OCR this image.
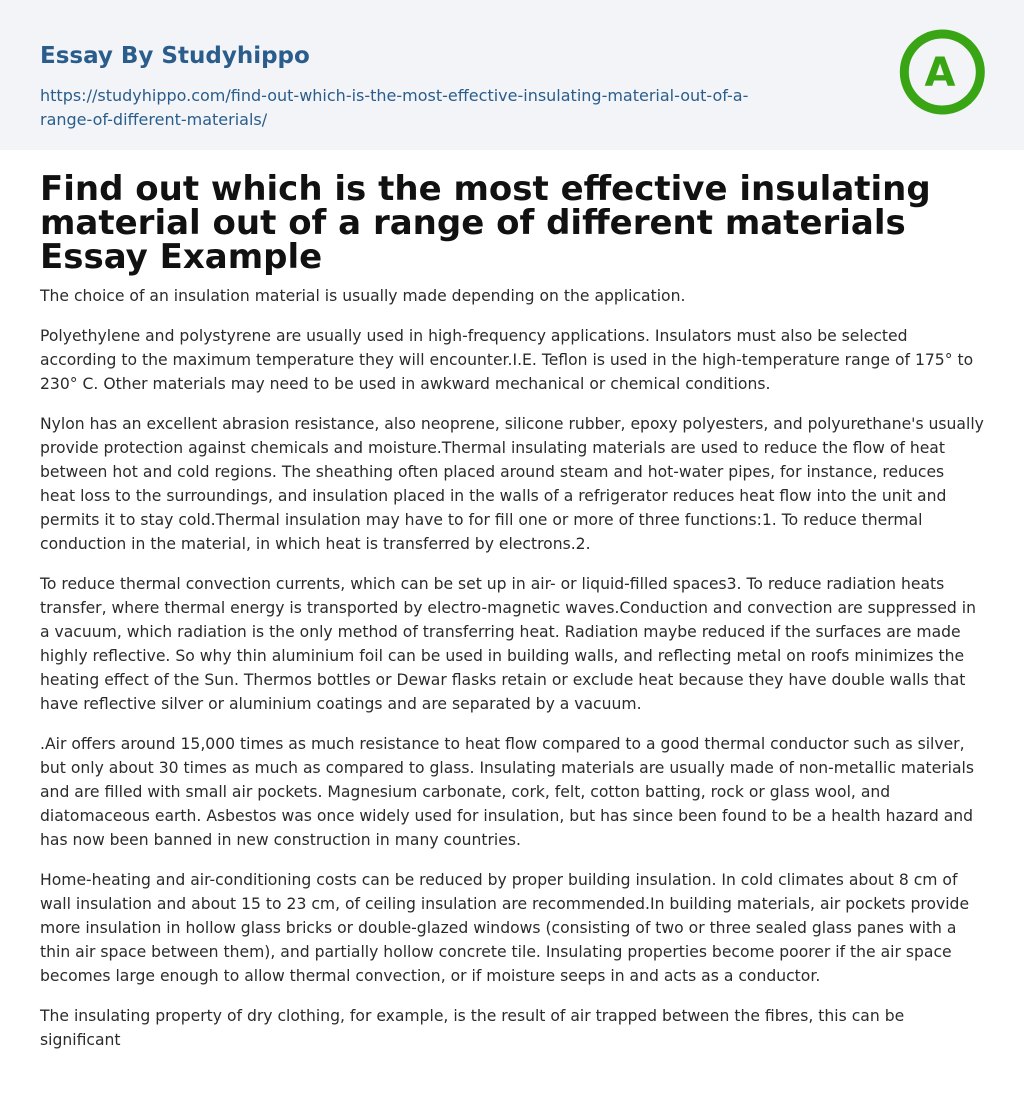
Essay By Studyhippo
https://studyhippo.com/find-out-which-is-the-most-effective-insulating-material-out-of-a-range-of-different-materials/
A
Find out which is the most effective insulating material out of a range of different materials Essay Example

The choice of an insulation material is usually made depending on the application.

Polyethylene and polystyrene are usually used in high-frequency applications. Insulators must also be selected according to the maximum temperature they will encounter.I.E. Teflon is used in the high-temperature range of 175° to 230° C. Other materials may need to be used in awkward mechanical or chemical conditions.

Nylon has an excellent abrasion resistance, also neoprene, silicone rubber, epoxy polyesters, and polyurethane's usually provide protection against chemicals and moisture.Thermal insulating materials are used to reduce the flow of heat between hot and cold regions. The sheathing often placed around steam and hot-water pipes, for instance, reduces heat loss to the surroundings, and insulation placed in the walls of a refrigerator reduces heat flow into the unit and permits it to stay cold.Thermal insulation may have to for fill one or more of three functions:1. To reduce thermal conduction in the material, in which heat is transferred by electrons.2.

To reduce thermal convection currents, which can be set up in air- or liquid-filled spaces3. To reduce radiation heats transfer, where thermal energy is transported by electro-magnetic waves.Conduction and convection are suppressed in a vacuum, which radiation is the only method of transferring heat. Radiation maybe reduced if the surfaces are made highly reflective. So why thin aluminium foil can be used in building walls, and reflecting metal on roofs minimizes the heating effect of the Sun. Thermos bottles or Dewar flasks retain or exclude heat because they have double walls that have reflective silver or aluminium coatings and are separated by a vacuum.

.Air offers around 15,000 times as much resistance to heat flow compared to a good thermal conductor such as silver, but only about 30 times as much as compared to glass. Insulating materials are usually made of non-metallic materials and are filled with small air pockets. Magnesium carbonate, cork, felt, cotton batting, rock or glass wool, and diatomaceous earth. Asbestos was once widely used for insulation, but has since been found to be a health hazard and has now been banned in new construction in many countries.

Home-heating and air-conditioning costs can be reduced by proper building insulation. In cold climates about 8 cm of wall insulation and about 15 to 23 cm, of ceiling insulation are recommended.In building materials, air pockets provide more insulation in hollow glass bricks or double-glazed windows (consisting of two or three sealed glass panes with a thin air space between them), and partially hollow concrete tile. Insulating properties become poorer if the air space becomes large enough to allow thermal convection, or if moisture seeps in and acts as a conductor.

The insulating property of dry clothing, for example, is the result of air trapped between the fibres, this can be significant
